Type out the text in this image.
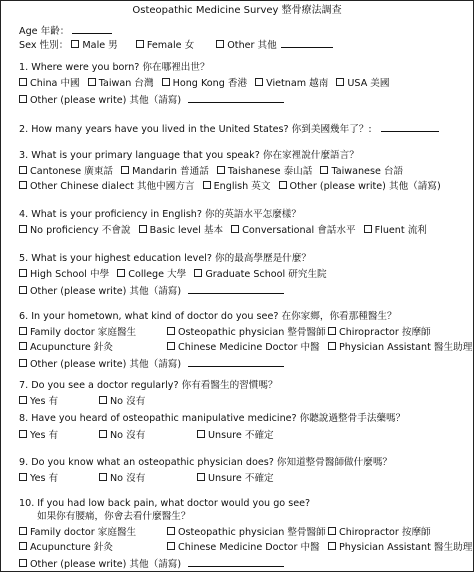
Osteopathic Medicine Survey 整骨療法調查
Age 年齡：
Sex 性別： Male 男	Female 女	Other 其他
1. Where were you born? 你在哪裡出世？
China 中國 Taiwan 台灣 Hong Kong 香港 Vietnam 越南 USA 美國
Other (please write) 其他（請寫)
2. How many years have you lived in the United States? 你到美國幾年了？:
3. What is your primary language that you speak? 你在家裡說什麼語言？
Cantonese 廣東話 Mandarin 普通話 Taishanese 泰山話 Taiwanese 台語
Other Chinese dialect 其他中國方言 English 英文 Other (please write) 其他（請寫)
4. What is your proficiency in English? 你的英語水平怎麼樣？
No proficiency 不會說 Basic level 基本 Conversational 會話水平 Fluent 流利
5. What is your highest education level? 你的最高學歷是什麼？
High School 中學 College 大學 Graduate School 研究生院
Other (please write) 其他（請寫)
6. In your hometown, what kind of doctor do you see? 在你家鄉，你看那種醫生？
Family doctor 家庭醫生	Osteopathic physician 整骨醫師	Chiropractor 按摩師
Acupuncture 針灸	Chinese Medicine Doctor 中醫	Physician Assistant 醫生助理
Other (please write) 其他（請寫)
7. Do you see a doctor regularly? 你有看醫生的習慣嗎？
Yes 有	No 沒有
8. Have you heard of osteopathic manipulative medicine? 你聽說過整骨手法藥嗎？
Yes 有	No 沒有	Unsure 不確定
9. Do you know what an osteopathic physician does? 你知道整骨醫師做什麼嗎？
Yes 有	No 沒有	Unsure 不確定
10. If you had low back pain, what doctor would you go see?
如果你有腰痛，你會去看什麼醫生？
Family doctor 家庭醫生	Osteopathic physician 整骨醫師	Chiropractor 按摩師
Acupuncture 針灸	Chinese Medicine Doctor 中醫	Physician Assistant 醫生助理
Other (please write) 其他（請寫)
